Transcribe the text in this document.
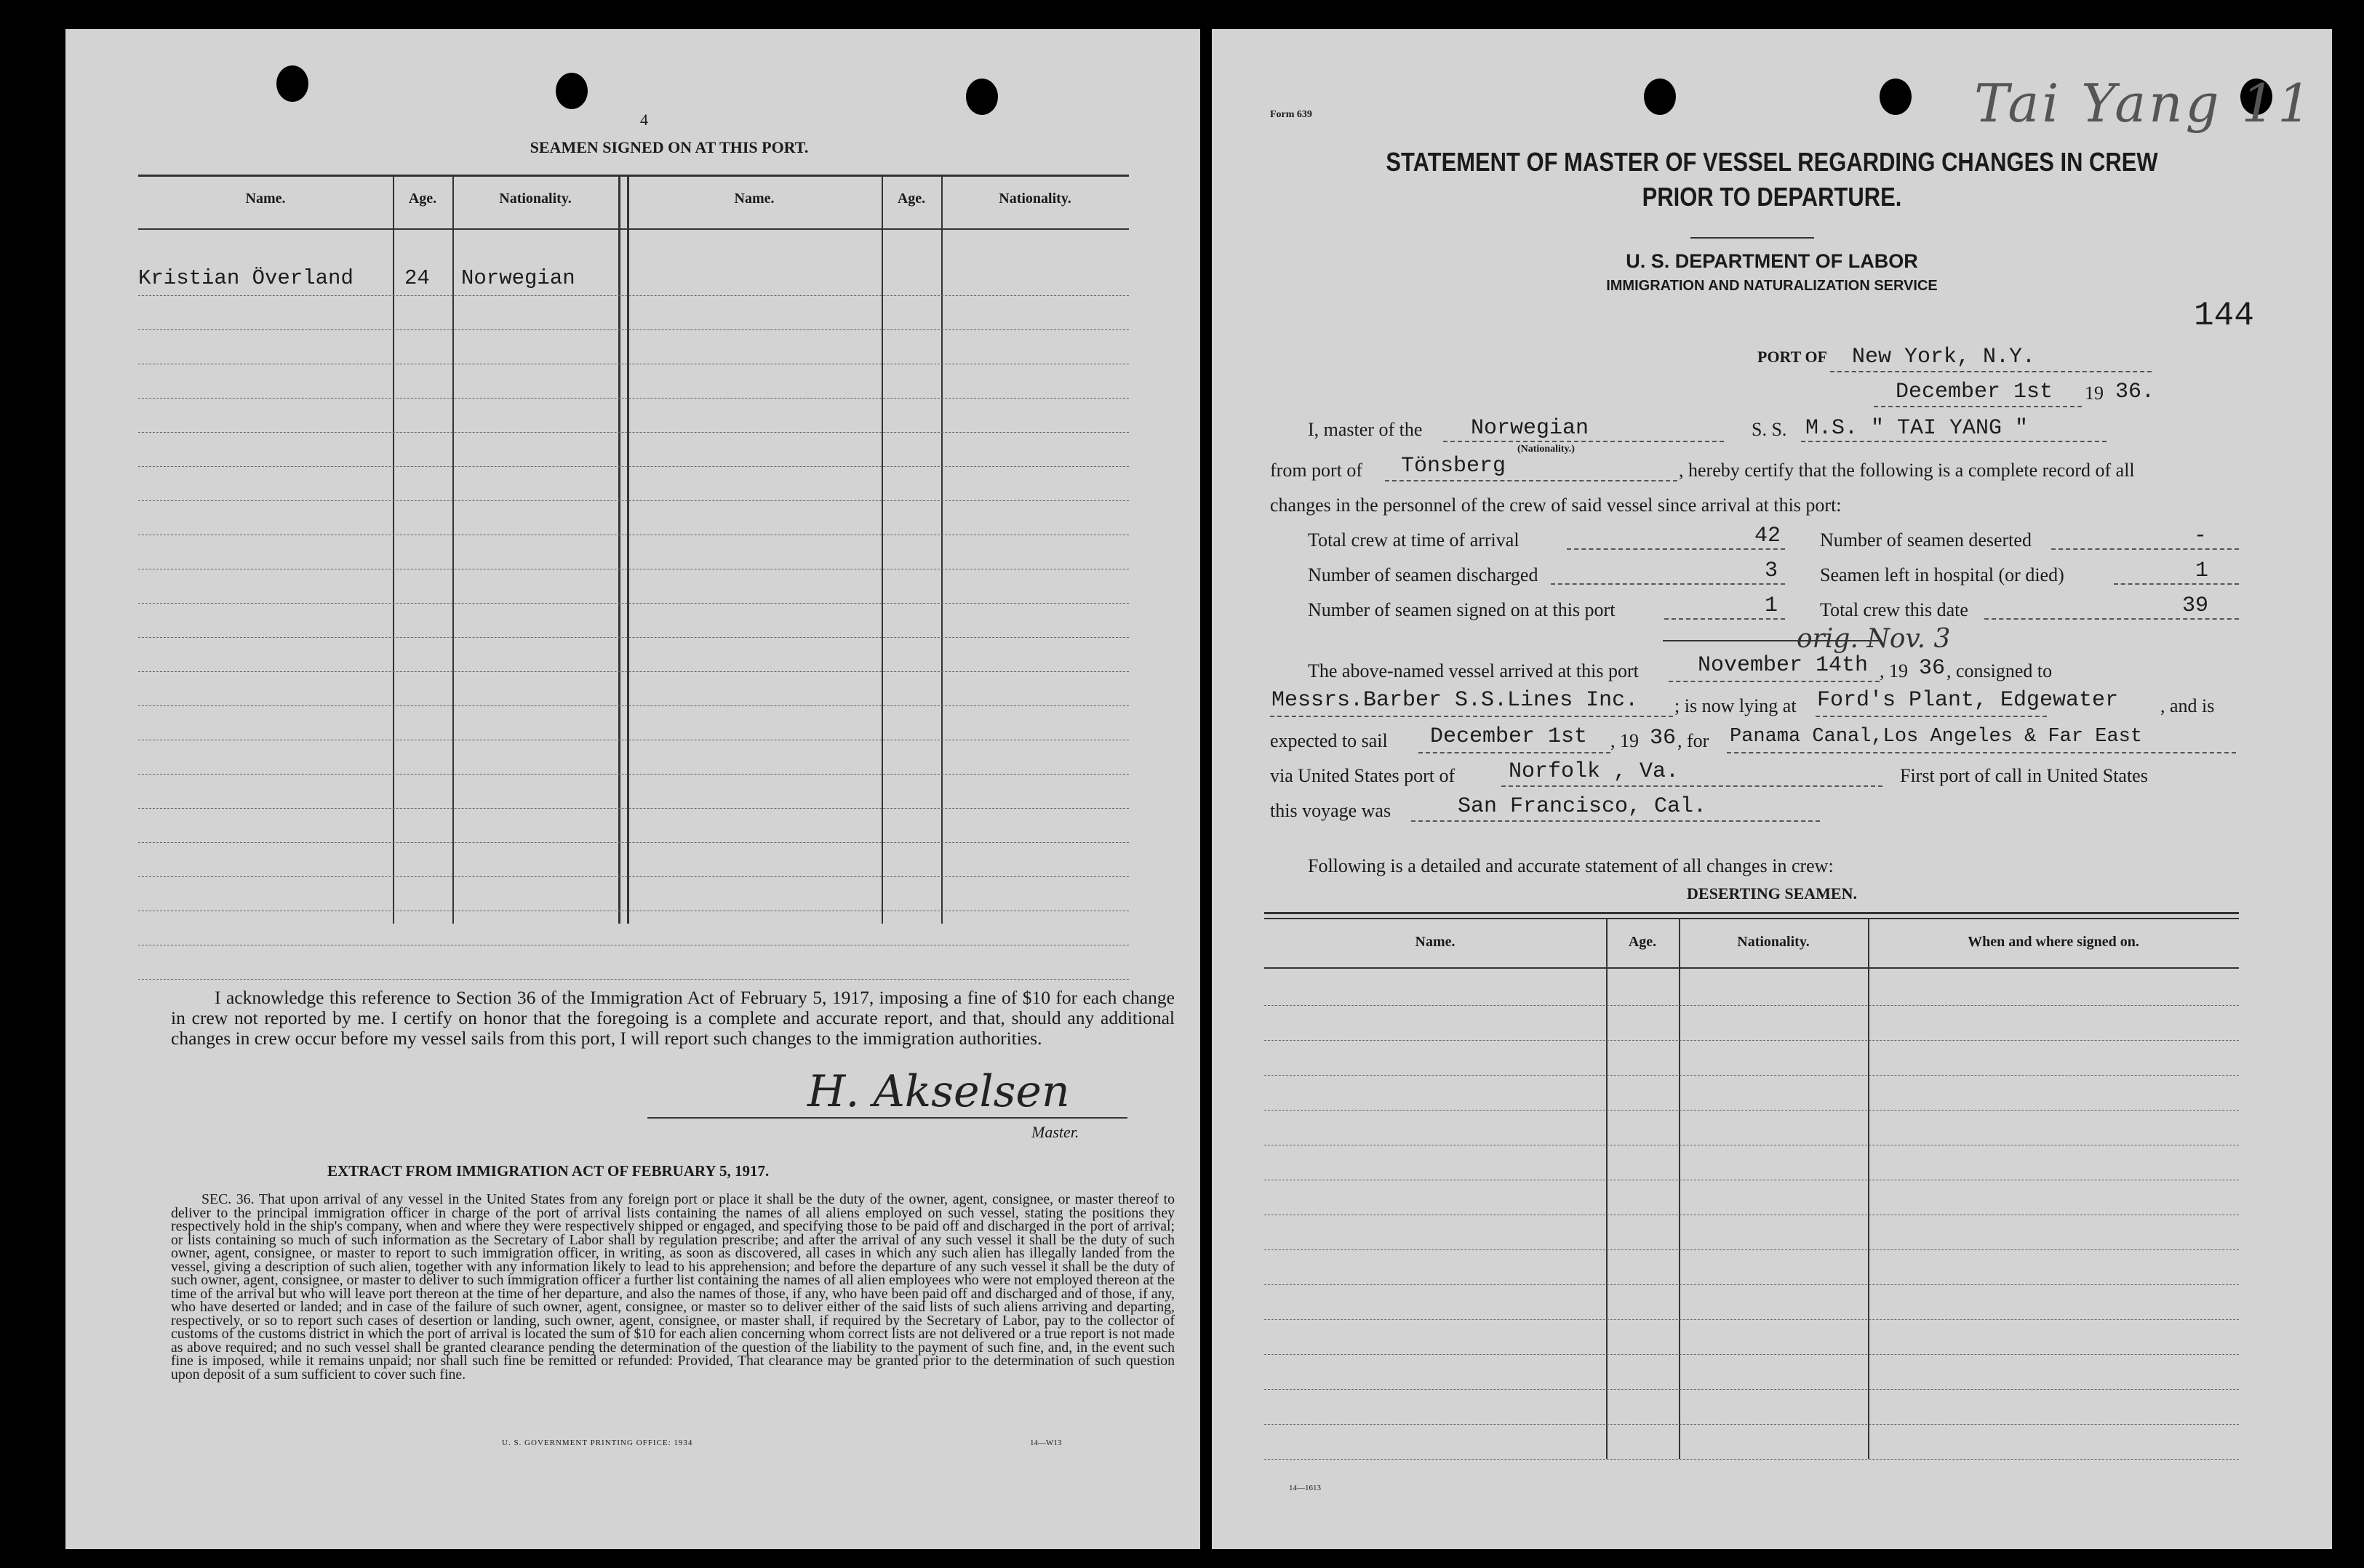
4
SEAMEN SIGNED ON AT THIS PORT.
Name.	Age.	Nationality.	Name.	Age.	Nationality.
Kristian Överland 24 Norwegian
I acknowledge this reference to Section 36 of the Immigration Act of February 5, 1917, imposing a fine of $10 for each change in crew not reported by me. I certify on honor that the foregoing is a complete and accurate report, and that, should any additional changes in crew occur before my vessel sails from this port, I will report such changes to the immigration authorities.
H. Akselsen
Master.
EXTRACT FROM IMMIGRATION ACT OF FEBRUARY 5, 1917.
SEC. 36. That upon arrival of any vessel in the United States from any foreign port or place it shall be the duty of the owner, agent, consignee, or master thereof to deliver to the principal immigration officer in charge of the port of arrival lists containing the names of all aliens employed on such vessel, stating the positions they respectively hold in the ship's company, when and where they were respectively shipped or engaged, and specifying those to be paid off and discharged in the port of arrival; or lists containing so much of such information as the Secretary of Labor shall by regulation prescribe; and after the arrival of any such vessel it shall be the duty of such owner, agent, consignee, or master to report to such immigration officer, in writing, as soon as discovered, all cases in which any such alien has illegally landed from the vessel, giving a description of such alien, together with any information likely to lead to his apprehension; and before the departure of any such vessel it shall be the duty of such owner, agent, consignee, or master to deliver to such immigration officer a further list containing the names of all alien employees who were not employed thereon at the time of the arrival but who will leave port thereon at the time of her departure, and also the names of those, if any, who have been paid off and discharged and of those, if any, who have deserted or landed; and in case of the failure of such owner, agent, consignee, or master so to deliver either of the said lists of such aliens arriving and departing, respectively, or so to report such cases of desertion or landing, such owner, agent, consignee, or master shall, if required by the Secretary of Labor, pay to the collector of customs of the customs district in which the port of arrival is located the sum of $10 for each alien concerning whom correct lists are not delivered or a true report is not made as above required; and no such vessel shall be granted clearance pending the determination of the question of the liability to the payment of such fine, and, in the event such fine is imposed, while it remains unpaid; nor shall such fine be remitted or refunded: Provided, That clearance may be granted prior to the determination of such question upon deposit of a sum sufficient to cover such fine.
U. S. GOVERNMENT PRINTING OFFICE: 1934	14—W13
Tai Yang 11
Form 639
STATEMENT OF MASTER OF VESSEL REGARDING CHANGES IN CREW
PRIOR TO DEPARTURE.
U. S. DEPARTMENT OF LABOR
IMMIGRATION AND NATURALIZATION SERVICE
144
PORT OF New York, N.Y.
December 1st 19 36.
I, master of the Norwegian
(Nationality.)
S. S. M.S. " TAI YANG "
from port of Tönsberg	, hereby certify that the following is a complete record of all
changes in the personnel of the crew of said vessel since arrival at this port:
Total crew at time of arrival	42
Number of seamen discharged	3
Number of seamen signed on at this port	1
Number of seamen deserted	-
Seamen left in hospital (or died)	1
Total crew this date	39
orig. Nov. 3
The above-named vessel arrived at this port	November 14th , 19 36 , consigned to
Messrs.Barber S.S.Lines Inc. ; is now lying at Ford's Plant, Edgewater , and is
expected to sail December 1st , 19 36 , for Panama Canal,Los Angeles & Far East
via United States port of Norfolk , Va.	First port of call in United States
this voyage was	San Francisco, Cal.
Following is a detailed and accurate statement of all changes in crew:
DESERTING SEAMEN.
Name.	Age.	Nationality.	When and where signed on.
14—1613
